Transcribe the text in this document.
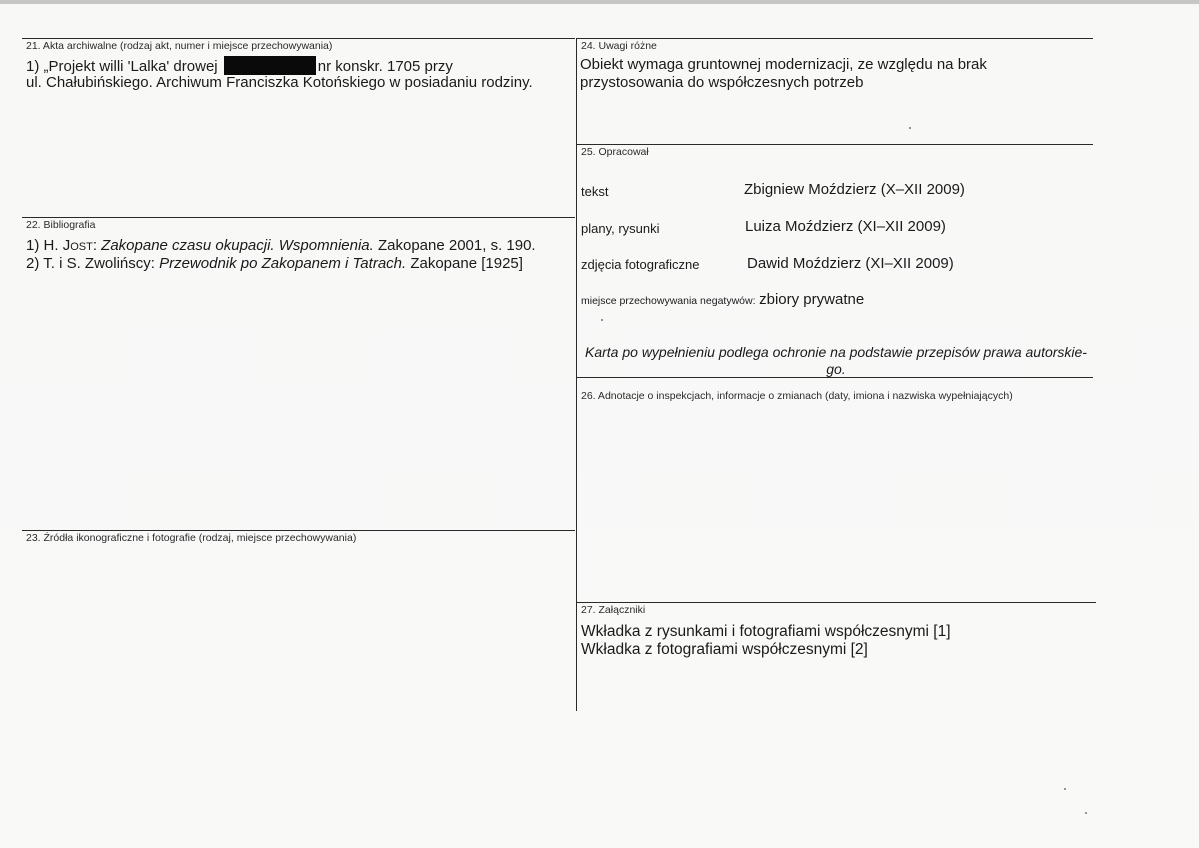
21. Akta archiwalne (rodzaj akt, numer i miejsce przechowywania)
1) „Projekt willi 'Lalka' drowej	nr konskr. 1705 przy
ul. Chałubińskiego. Archiwum Franciszka Kotońskiego w posiadaniu rodziny.
22. Bibliografia
1) H. Jost: Zakopane czasu okupacji. Wspomnienia. Zakopane 2001, s. 190.
2) T. i S. Zwolińscy: Przewodnik po Zakopanem i Tatrach. Zakopane [1925]
23. Źródła ikonograficzne i fotografie (rodzaj, miejsce przechowywania)
24. Uwagi różne
Obiekt wymaga gruntownej modernizacji, ze względu na brak
przystosowania do współczesnych potrzeb
25. Opracował
tekst	Zbigniew Moździerz (X–XII 2009)
plany, rysunki	Luiza Moździerz (XI–XII 2009)
zdjęcia fotograficzne	Dawid Moździerz (XI–XII 2009)
miejsce przechowywania negatywów: zbiory prywatne
Karta po wypełnieniu podlega ochronie na podstawie przepisów prawa autorskie-
go.
26. Adnotacje o inspekcjach, informacje o zmianach (daty, imiona i nazwiska wypełniających)
27. Załączniki
Wkładka z rysunkami i fotografiami współczesnymi [1]
Wkładka z fotografiami współczesnymi [2]
